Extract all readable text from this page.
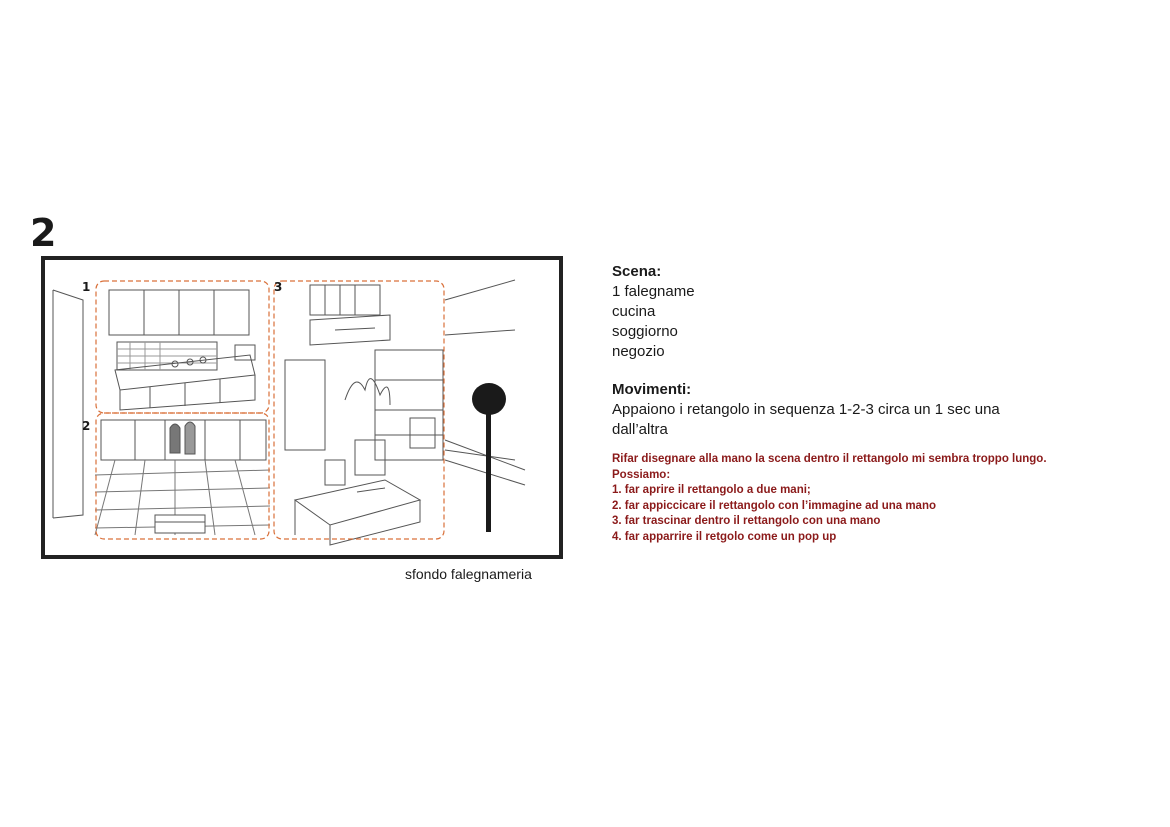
2
1
2
3
sfondo falegnameria

Scena:

1 falegname

cucina

soggiorno

negozio

Movimenti:

Appaiono i retangolo in sequenza 1-2-3 circa un 1 sec una

dall’altra

Rifar disegnare alla mano la scena dentro il rettangolo mi sembra troppo lungo.

Possiamo:

1. far aprire il rettangolo a due mani;

2. far appiccicare il rettangolo con l’immagine ad una mano

3. far trascinar dentro il rettangolo con una mano

4. far apparrire il retgolo come un pop up
